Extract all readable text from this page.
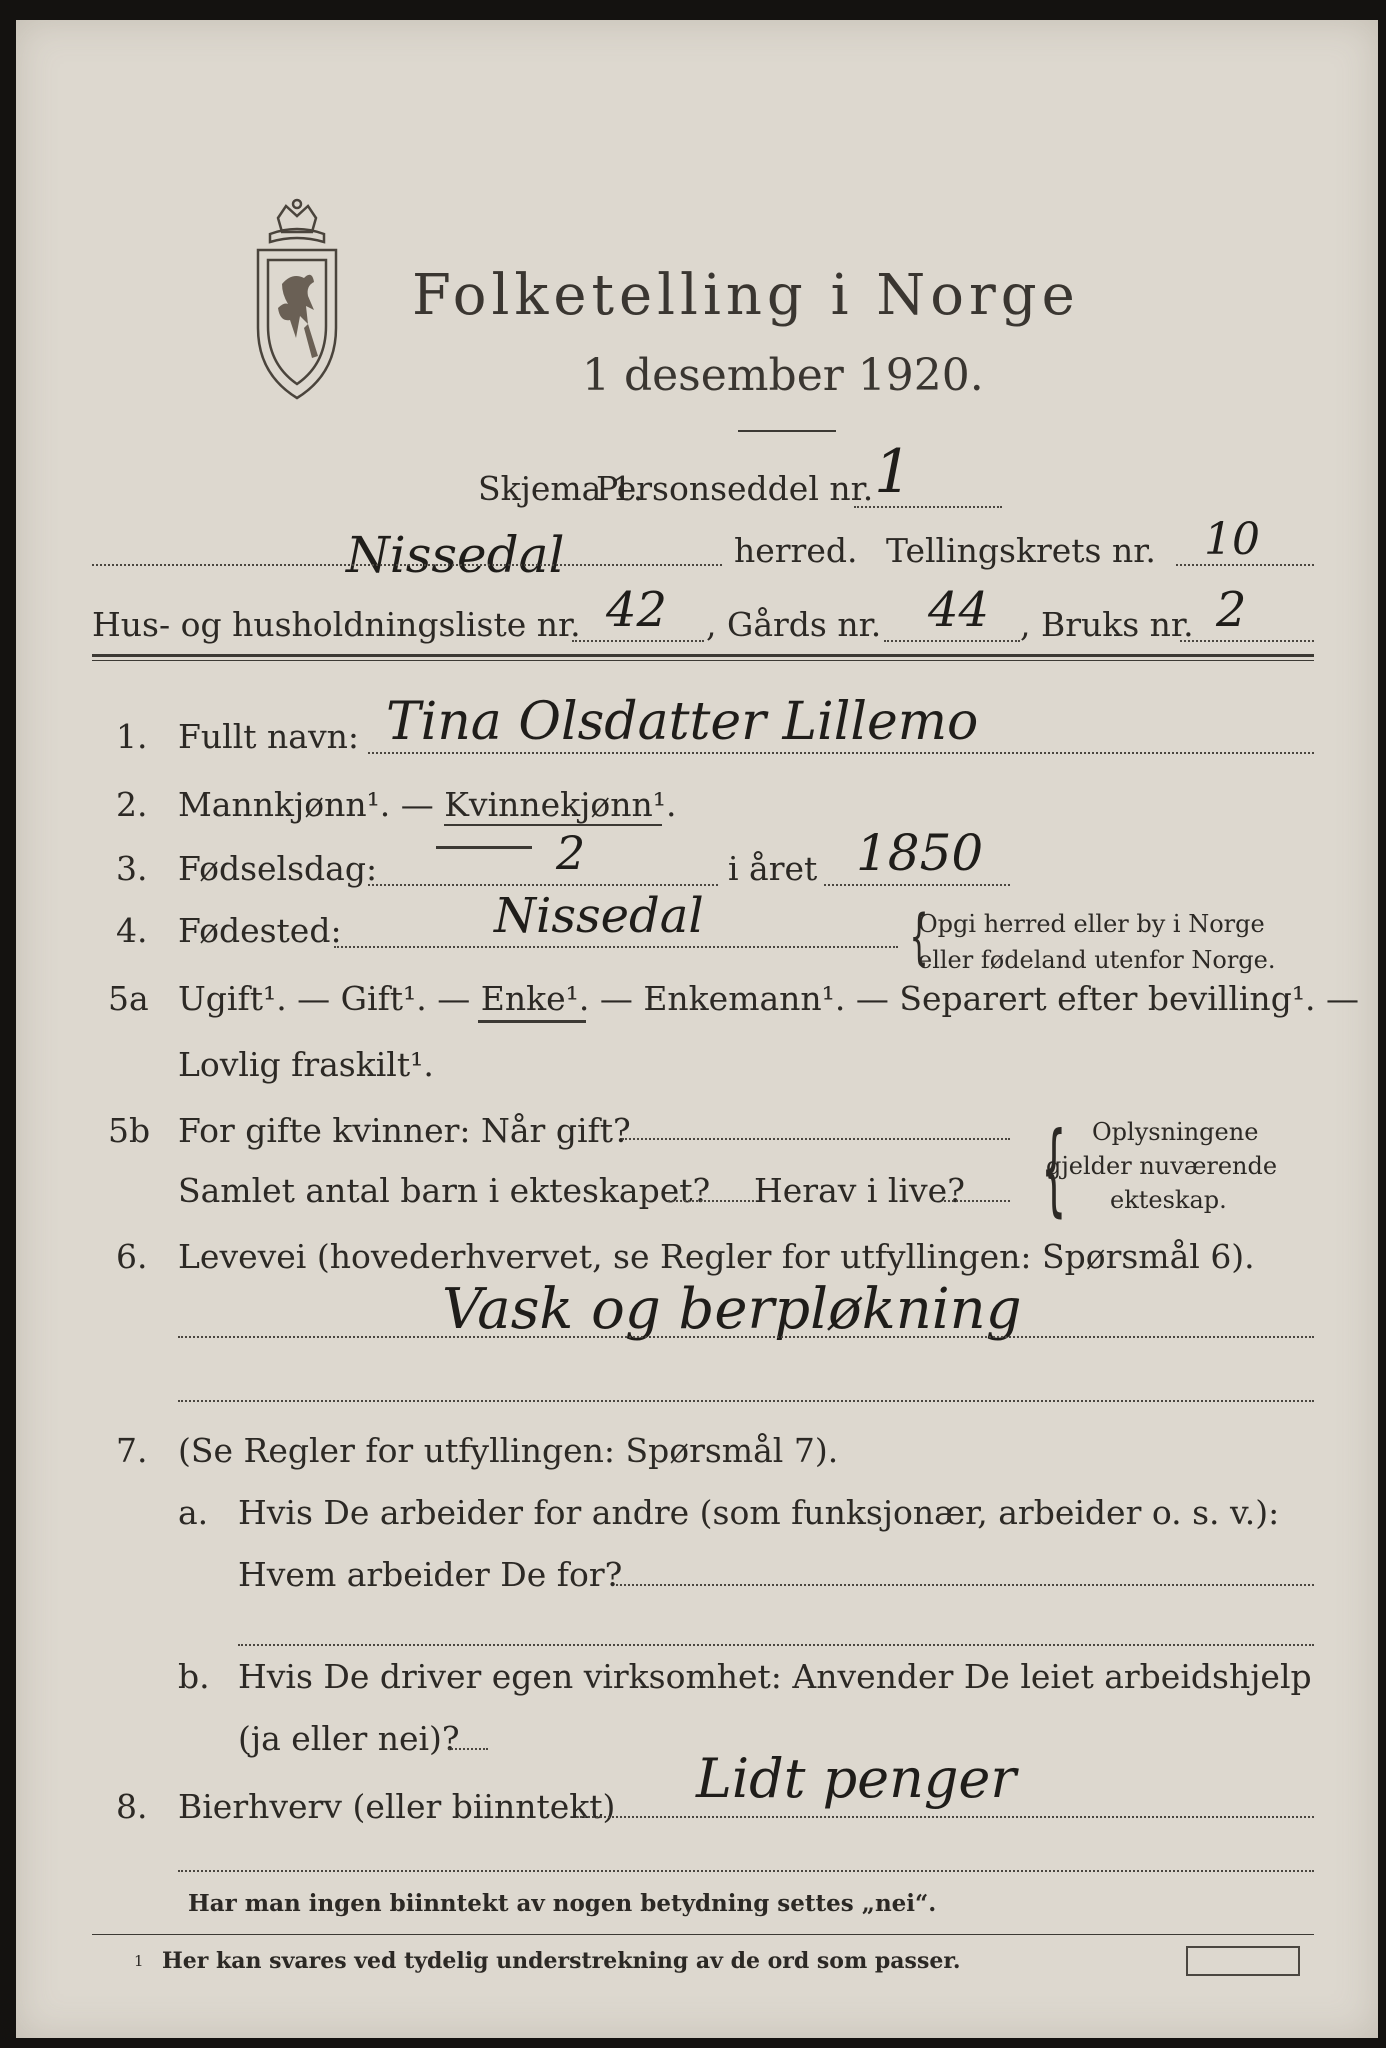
Folketelling i Norge
1 desember 1920.
Skjema 1.
Personseddel nr. 1
Nissedal	herred. Tellingskrets nr. 10
Hus- og husholdningsliste nr. 42 , Gårds nr. 44 , Bruks nr. 2
1. Fullt navn: Tina Olsdatter Lillemo
2. Mannkjønn¹. — Kvinnekjønn¹.
3. Fødselsdag:	2	i året 1850
4. Fødested:	Nissedal	{
Opgi herred eller by i Norge
eller fødeland utenfor Norge.
5a Ugift¹. — Gift¹. — Enke¹. — Enkemann¹. — Separert efter bevilling¹. —
Lovlig fraskilt¹.
5b For gifte kvinner: Når gift?
Samlet antal barn i ekteskapet? Herav i live? { Oplysningene
gjelder nuværende
ekteskap.
6. Levevei (hovederhvervet, se Regler for utfyllingen: Spørsmål 6).
Vask og berpløkning
7. (Se Regler for utfyllingen: Spørsmål 7).
a. Hvis De arbeider for andre (som funksjonær, arbeider o. s. v.):
Hvem arbeider De for?
b. Hvis De driver egen virksomhet: Anvender De leiet arbeidshjelp
(ja eller nei)?
8. Bierhverv (eller biinntekt) Lidt penger
Har man ingen biinntekt av nogen betydning settes „nei“.
1 Her kan svares ved tydelig understrekning av de ord som passer.
